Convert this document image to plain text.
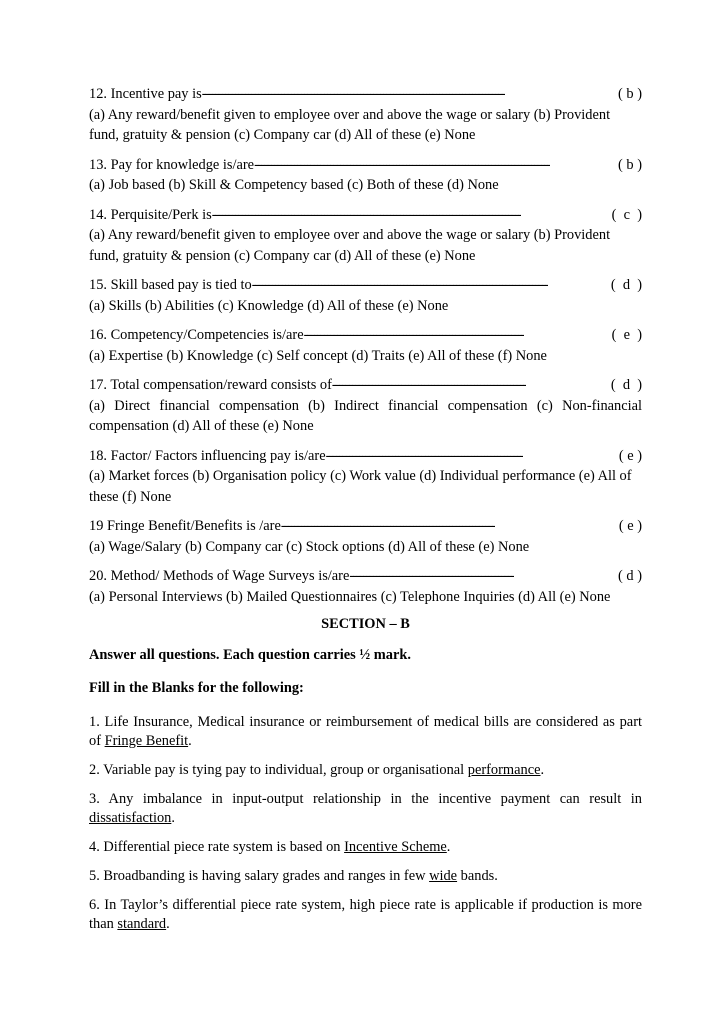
12. Incentive pay is --------------------------------------------------------------------------------------------	( b )
(a) Any reward/benefit given to employee over and above the wage or salary (b) Provident fund, gratuity & pension (c) Company car (d) All of these (e) None
13. Pay for knowledge is/are ------------------------------------------------------------------------------------------	( b )
(a) Job based (b) Skill & Competency based (c) Both of these (d) None
14. Perquisite/Perk is ----------------------------------------------------------------------------------------------	(  c  )
(a) Any reward/benefit given to employee over and above the wage or salary (b) Provident fund, gratuity & pension (c) Company car (d) All of these (e) None
15. Skill based pay is tied to ------------------------------------------------------------------------------------------	(  d  )
(a) Skills (b) Abilities (c) Knowledge (d) All of these (e) None
16. Competency/Competencies is/are -------------------------------------------------------------------	(  e  )
(a) Expertise (b) Knowledge (c) Self concept (d) Traits (e) All of these (f) None
17. Total compensation/reward consists of -----------------------------------------------------------	(  d  )
(a) Direct financial compensation (b) Indirect financial compensation (c) Non-financial compensation (d) All of these (e) None
18. Factor/ Factors influencing pay is/are ------------------------------------------------------------	( e )
(a) Market forces (b) Organisation policy (c) Work value (d) Individual performance (e) All of these (f) None
19 Fringe Benefit/Benefits is /are -----------------------------------------------------------------	( e )
(a) Wage/Salary (b) Company car (c) Stock options (d) All of these (e) None
20. Method/ Methods of Wage Surveys is/are --------------------------------------------------	( d )
(a) Personal Interviews (b) Mailed Questionnaires (c) Telephone Inquiries (d) All (e) None
SECTION – B
Answer all questions. Each question carries ½ mark.
Fill in the Blanks for the following:
1. Life Insurance, Medical insurance or reimbursement of medical bills are considered as part of Fringe Benefit.
2. Variable pay is tying pay to individual, group or organisational performance.
3. Any imbalance in input-output relationship in the incentive payment can result in dissatisfaction.
4. Differential piece rate system is based on Incentive Scheme.
5. Broadbanding is having salary grades and ranges in few wide bands.
6. In Taylor’s differential piece rate system, high piece rate is applicable if production is more than standard.
